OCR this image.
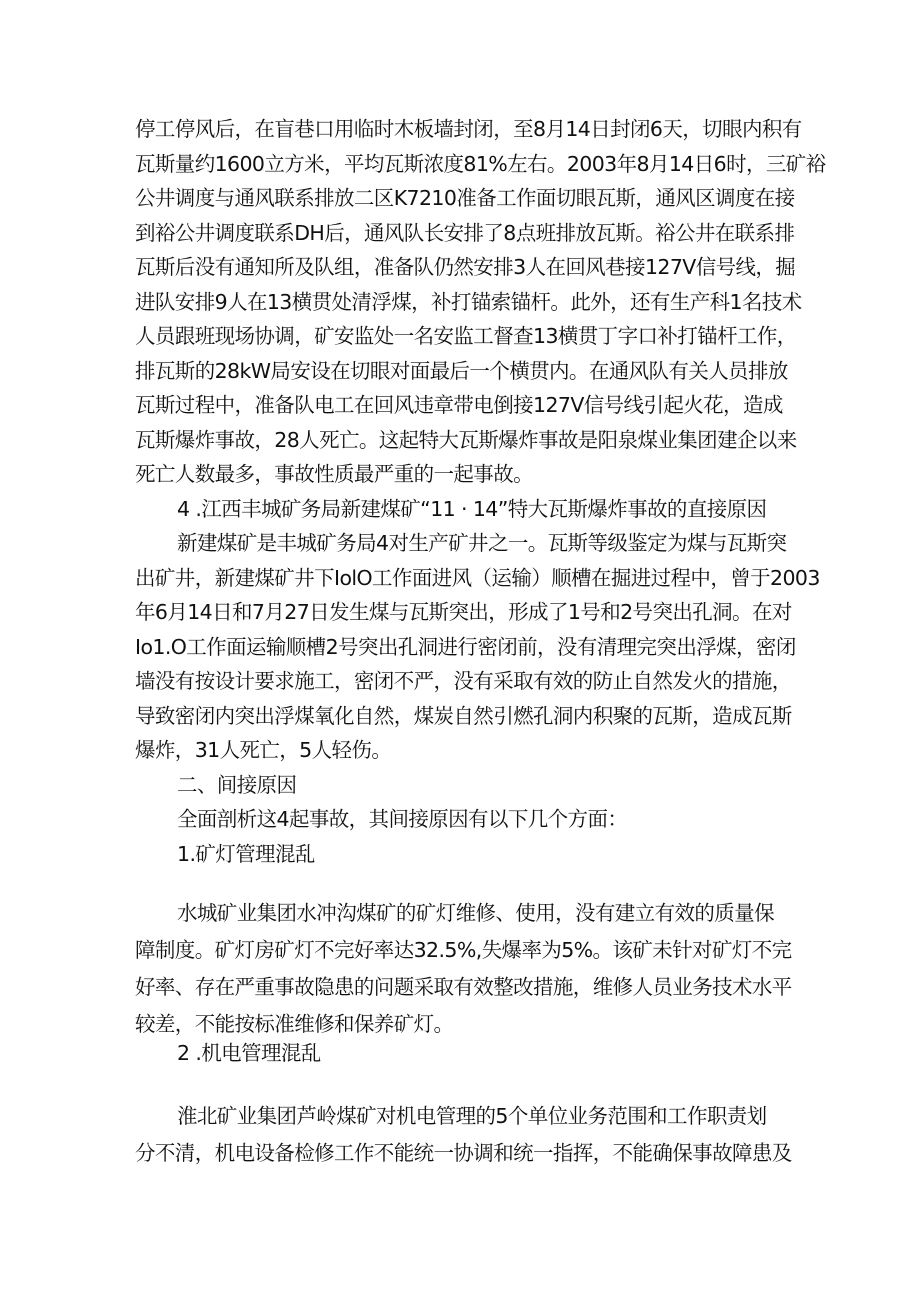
停工停风后，在盲巷口用临时木板墙封闭，至8月14日封闭6天，切眼内积有
瓦斯量约1600立方米，平均瓦斯浓度81%左右。2003年8月14日6时，三矿裕
公井调度与通风联系排放二区K7210准备工作面切眼瓦斯，通风区调度在接
到裕公井调度联系DH后，通风队长安排了8点班排放瓦斯。裕公井在联系排
瓦斯后没有通知所及队组，准备队仍然安排3人在回风巷接127V信号线，掘
进队安排9人在13横贯处清浮煤，补打锚索锚杆。此外，还有生产科1名技术
人员跟班现场协调，矿安监处一名安监工督查13横贯丁字口补打锚杆工作，
排瓦斯的28kW局安设在切眼对面最后一个横贯内。在通风队有关人员排放
瓦斯过程中，准备队电工在回风违章带电倒接127V信号线引起火花，造成
瓦斯爆炸事故，28人死亡。这起特大瓦斯爆炸事故是阳泉煤业集团建企以来
死亡人数最多，事故性质最严重的一起事故。
4 .江西丰城矿务局新建煤矿“11 · 14”特大瓦斯爆炸事故的直接原因
新建煤矿是丰城矿务局4对生产矿井之一。瓦斯等级鉴定为煤与瓦斯突
出矿井，新建煤矿井下IolO工作面进风（运输）顺槽在掘进过程中，曾于2003
年6月14日和7月27日发生煤与瓦斯突出，形成了1号和2号突出孔洞。在对
Io1.O工作面运输顺槽2号突出孔洞进行密闭前，没有清理完突出浮煤，密闭
墙没有按设计要求施工，密闭不严，没有采取有效的防止自然发火的措施，
导致密闭内突出浮煤氧化自然，煤炭自然引燃孔洞内积聚的瓦斯，造成瓦斯
爆炸，31人死亡，5人轻伤。
二、间接原因
全面剖析这4起事故，其间接原因有以下几个方面：
1.矿灯管理混乱
水城矿业集团水冲沟煤矿的矿灯维修、使用，没有建立有效的质量保
障制度。矿灯房矿灯不完好率达32.5%,失爆率为5%。该矿未针对矿灯不完
好率、存在严重事故隐患的问题采取有效整改措施，维修人员业务技术水平
较差，不能按标准维修和保养矿灯。
2 .机电管理混乱
淮北矿业集团芦岭煤矿对机电管理的5个单位业务范围和工作职责划
分不清，机电设备检修工作不能统一协调和统一指挥，不能确保事故障患及
